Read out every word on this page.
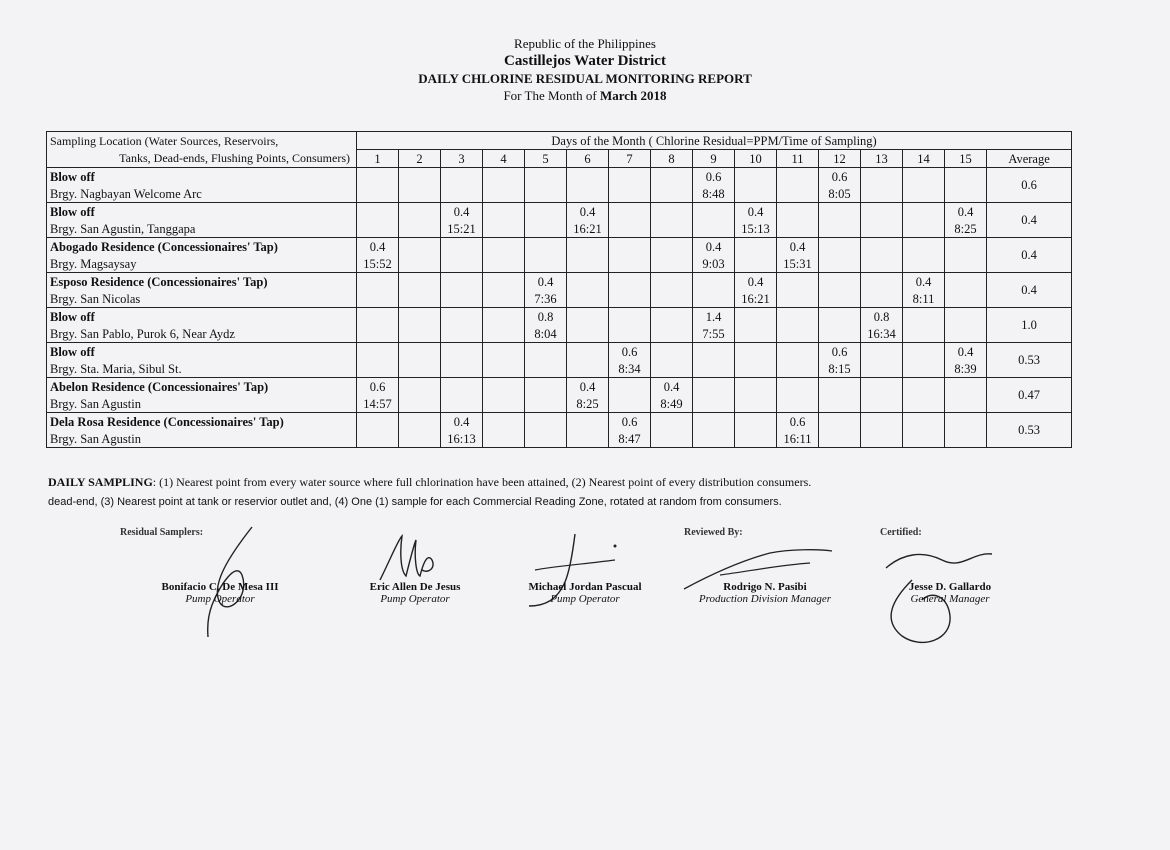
Republic of the Philippines
Castillejos Water District
DAILY CHLORINE RESIDUAL MONITORING REPORT
For The Month of March 2018
Sampling Location (Water Sources, Reservoirs,	Days of the Month ( Chlorine Residual=PPM/Time of Sampling)															
Tanks, Dead-ends, Flushing Points, Consumers)	1	2	3	4	5	6	7	8	9	10	11	12	13	14	15	Average
Blow off									0.6			0.6				0.6
Brgy. Nagbayan Welcome Arc									8:48			8:05				
Blow off			0.4			0.4				0.4					0.4	0.4
Brgy. San Agustin, Tanggapa			15:21			16:21				15:13					8:25	
Abogado Residence (Concessionaires' Tap)	0.4								0.4		0.4					0.4
Brgy. Magsaysay	15:52								9:03		15:31					
Esposo Residence (Concessionaires' Tap)					0.4					0.4				0.4		0.4
Brgy. San Nicolas					7:36					16:21				8:11		
Blow off					0.8				1.4				0.8			1.0
Brgy. San Pablo, Purok 6, Near Aydz					8:04				7:55				16:34			
Blow off							0.6					0.6			0.4	0.53
Brgy. Sta. Maria, Sibul St.							8:34					8:15			8:39	
Abelon Residence (Concessionaires' Tap)	0.6					0.4		0.4								0.47
Brgy. San Agustin	14:57					8:25		8:49								
Dela Rosa Residence (Concessionaires' Tap)			0.4				0.6				0.6					0.53
Brgy. San Agustin			16:13				8:47				16:11					
DAILY SAMPLING: (1) Nearest point from every water source where full chlorination have been attained, (2) Nearest point of every distribution consumers.
dead-end, (3) Nearest point at tank or reservior outlet and, (4) One (1) sample for each Commercial Reading Zone, rotated at random from consumers.
Residual Samplers:	Reviewed By:	Certified:
Bonifacio C. De Mesa III
Pump Operator
Eric Allen De Jesus
Pump Operator
Michael Jordan Pascual
Pump Operator
Rodrigo N. Pasibi
Production Division Manager
Jesse D. Gallardo
General Manager
